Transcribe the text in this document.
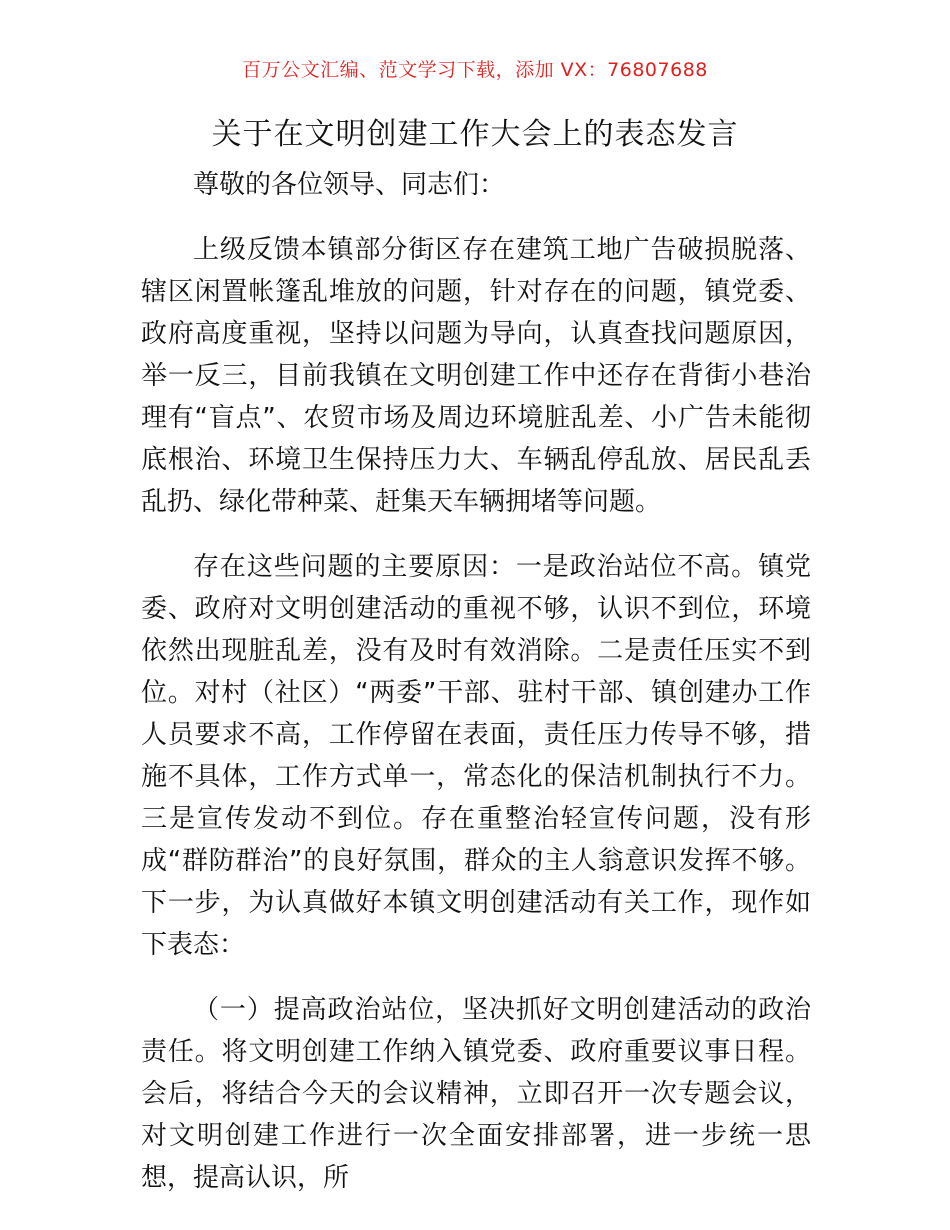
百万公文汇编、范文学习下载，添加 VX：76807688
关于在文明创建工作大会上的表态发言

尊敬的各位领导、同志们：

上级反馈本镇部分街区存在建筑工地广告破损脱落、辖区闲置帐篷乱堆放的问题，针对存在的问题，镇党委、政府高度重视，坚持以问题为导向，认真查找问题原因，举一反三，目前我镇在文明创建工作中还存在背街小巷治理有“盲点”、农贸市场及周边环境脏乱差、小广告未能彻底根治、环境卫生保持压力大、车辆乱停乱放、居民乱丢乱扔、绿化带种菜、赶集天车辆拥堵等问题。

存在这些问题的主要原因：一是政治站位不高。镇党委、政府对文明创建活动的重视不够，认识不到位，环境依然出现脏乱差，没有及时有效消除。二是责任压实不到位。对村（社区）“两委”干部、驻村干部、镇创建办工作人员要求不高，工作停留在表面，责任压力传导不够，措施不具体，工作方式单一，常态化的保洁机制执行不力。三是宣传发动不到位。存在重整治轻宣传问题，没有形成“群防群治”的良好氛围，群众的主人翁意识发挥不够。下一步，为认真做好本镇文明创建活动有关工作，现作如下表态：

（一）提高政治站位，坚决抓好文明创建活动的政治责任。将文明创建工作纳入镇党委、政府重要议事日程。会后，将结合今天的会议精神，立即召开一次专题会议，对文明创建工作进行一次全面安排部署，进一步统一思想，提高认识，所
